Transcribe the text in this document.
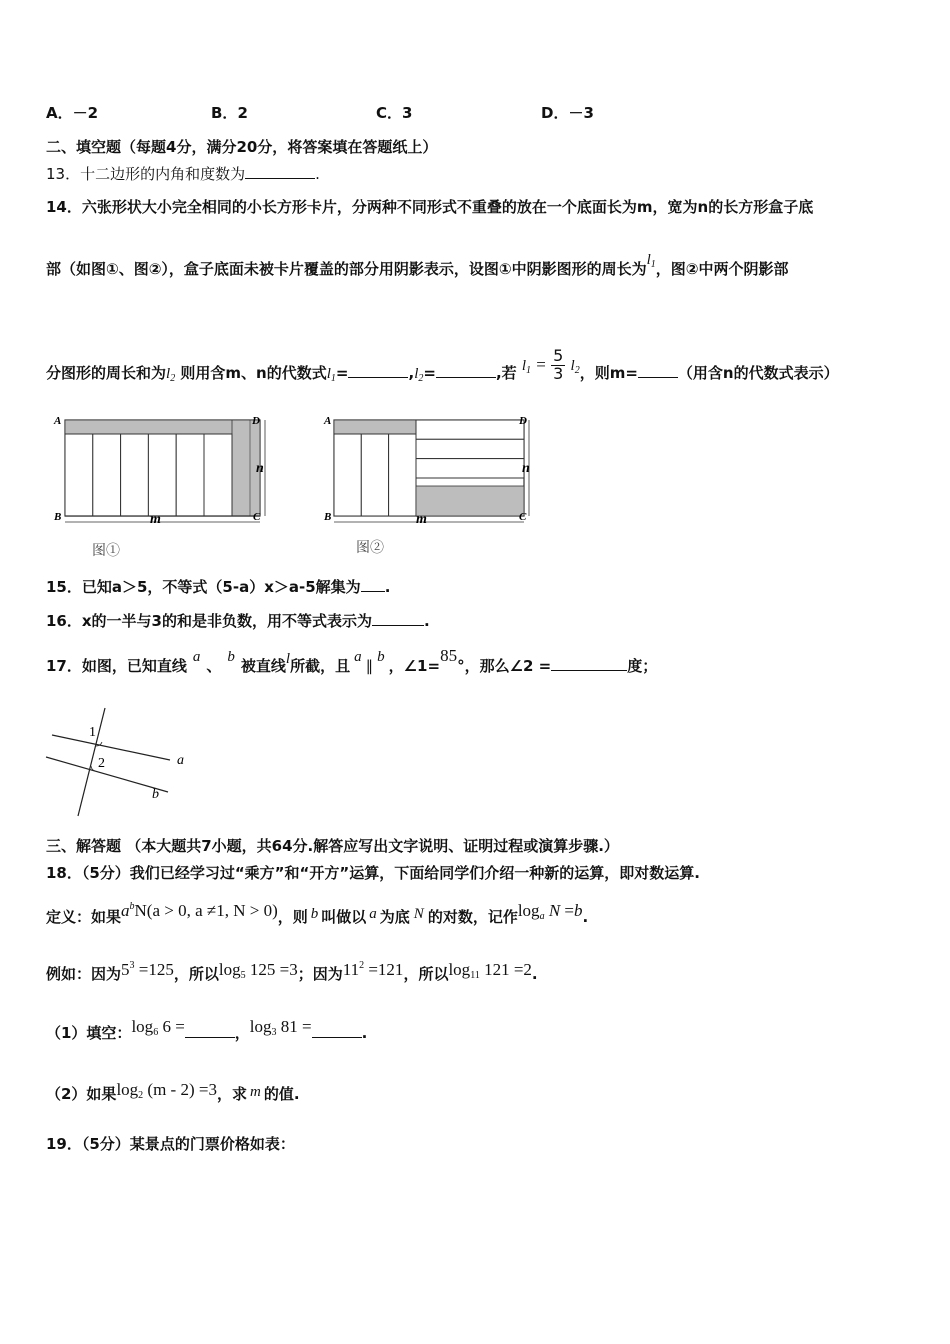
A．－2	B．2	C．3	D．－3
二、填空题（每题4分，满分20分，将答案填在答题纸上）
13．十二边形的内角和度数为	.
14．六张形状大小完全相同的小长方形卡片，分两种不同形式不重叠的放在一个底面长为m，宽为n的长方形盒子底
部（如图①、图②），盒子底面未被卡片覆盖的部分用阴影表示，设图①中阴影图形的周长为$l_1$，图②中两个阴影部
分图形的周长和为$l_2$ 则用含m、n的代数式$l_1=$	$,l_2=$	,若 $l_1 = \frac{5}{3} l_2$，则m=	（用含n的代数式表示）
A
B	C
D
m
n
图①
A
B	C
D
m
n
图②
15．已知a＞5，不等式（5-a）x＞a-5解集为 .
16．x的一半与3的和是非负数，用不等式表示为	.
17．如图，已知直线 a 、 b 被直线l所截，且 a ∥ b ，∠1=85°，那么∠2 =	度；
1
2	a
b
三、解答题 （本大题共7小题，共64分.解答应写出文字说明、证明过程或演算步骤.）
18．（5分）我们已经学习过“乘方”和“开方”运算，下面给同学们介绍一种新的运算，即对数运算.
定义：如果$a^bN(a > 0$, a ≠1, N > 0)，则 b 叫做以 a 为底 N 的对数，记作$\log_a N =b$.
例如：因为$5^3 =125$，所以$\log_5 125 =3$；因为$11^2 =121$，所以$\log_{11} 121 =2$.
（1）填空：$\log_6 6$ =	，$\log_3 81$ =	.
（2）如果$\log_2 (m - 2) =3$，求 m 的值.
19．（5分）某景点的门票价格如表：
